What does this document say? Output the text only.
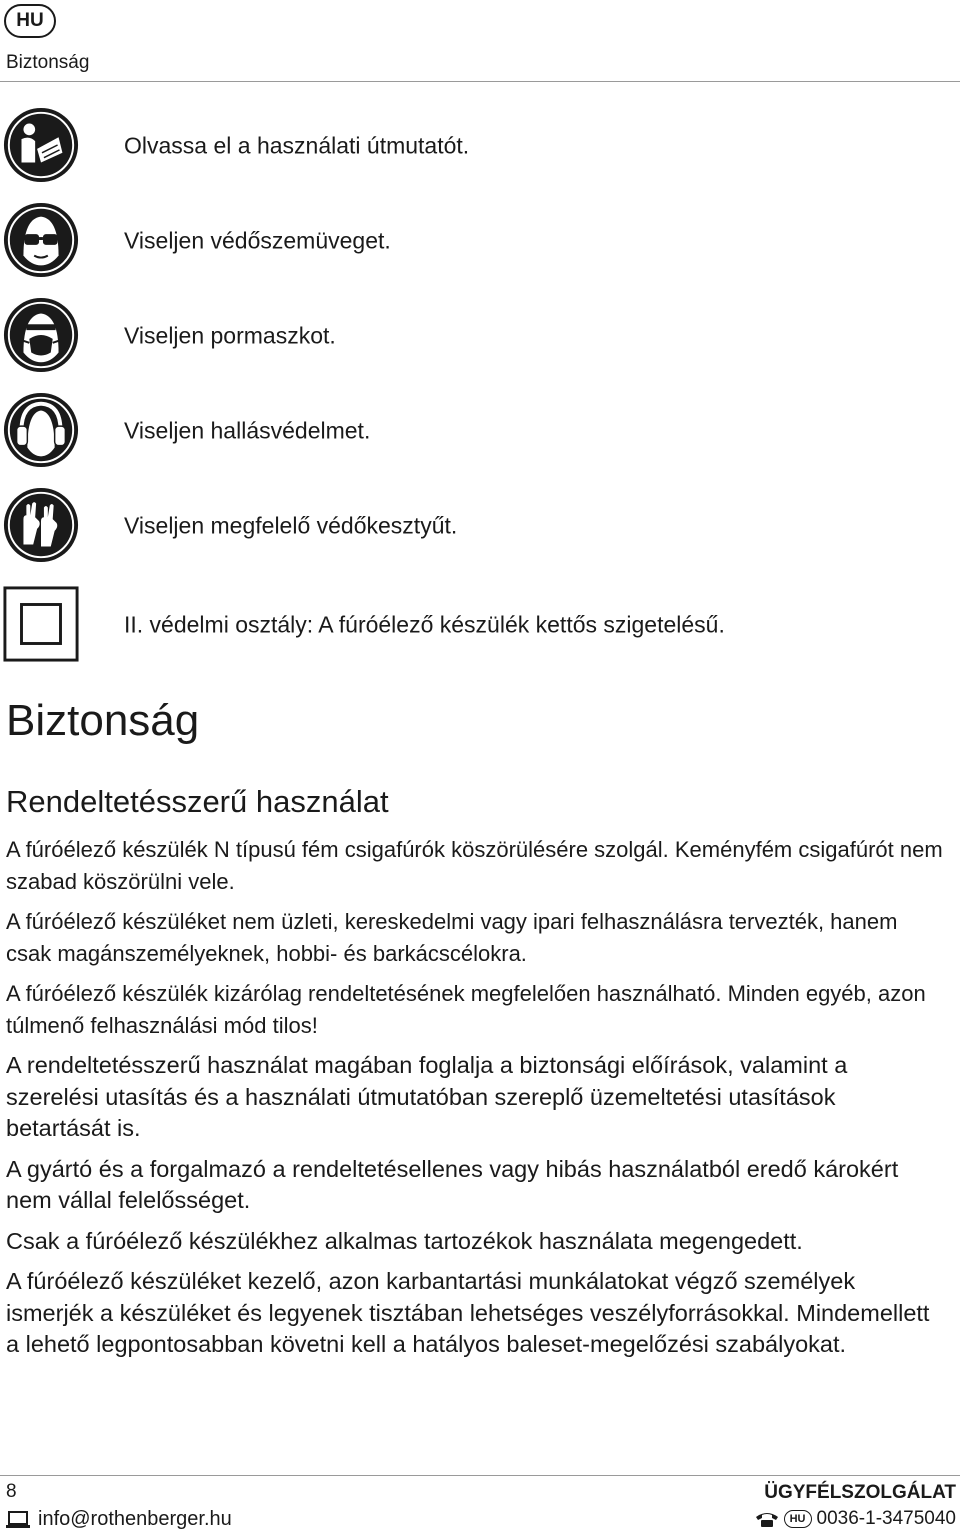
HU
Biztonság
Olvassa el a használati útmutatót.
Viseljen védőszemüveget.
Viseljen pormaszkot.
Viseljen hallásvédelmet.
Viseljen megfelelő védőkesztyűt.
II. védelmi osztály: A fúróélező készülék kettős szigetelésű.
Biztonság
Rendeltetésszerű használat

A fúróélező készülék N típusú fém csigafúrók köszörülésére szolgál. Keményfém csigafúrót nem szabad köszörülni vele.

A fúróélező készüléket nem üzleti, kereskedelmi vagy ipari felhasználásra tervezték, hanem csak magánszemélyeknek, hobbi- és barkácscélokra.

A fúróélező készülék kizárólag rendeltetésének megfelelően használható. Minden egyéb, azon túlmenő felhasználási mód tilos!

A rendeltetésszerű használat magában foglalja a biztonsági előírások, valamint a szerelési utasítás és a használati útmutatóban szereplő üzemeltetési utasítások betartását is.

A gyártó és a forgalmazó a rendeltetésellenes vagy hibás használatból eredő károkért nem vállal felelősséget.

Csak a fúróélező készülékhez alkalmas tartozékok használata megengedett.

A fúróélező készüléket kezelő, azon karbantartási munkálatokat végző személyek ismerjék a készüléket és legyenek tisztában lehetséges veszélyforrásokkal. Mindemellett a lehető legpontosabban követni kell a hatályos baleset-megelőzési szabályokat.

8
info@rothenberger.hu
ÜGYFÉLSZOLGÁLAT
HU 0036-1-3475040
